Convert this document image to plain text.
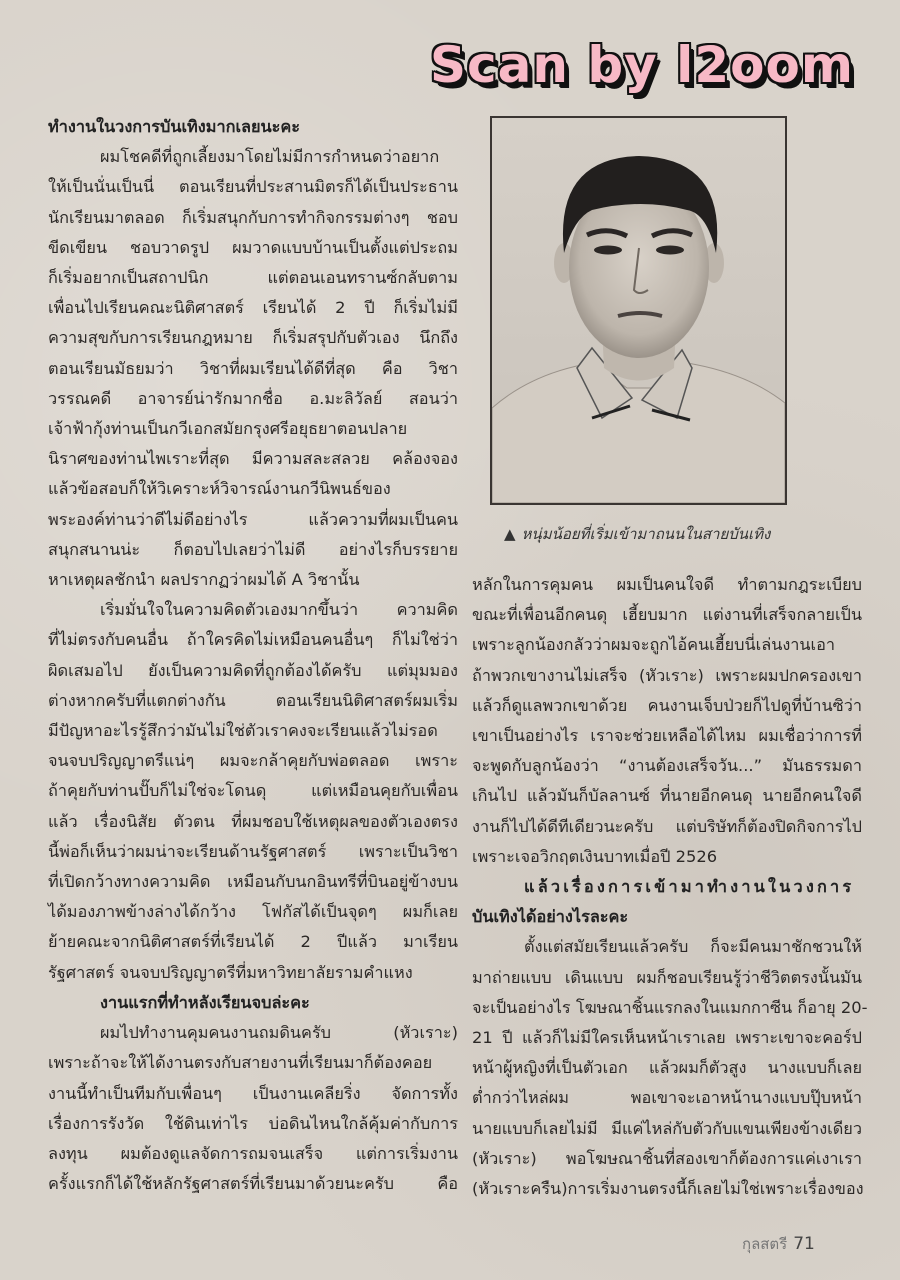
Scan by l2oom
ทำงานในวงการบันเทิงมากเลยนะคะ
ผมโชคดีที่ถูกเลี้ยงมาโดยไม่มีการกำหนดว่าอยาก
ให้เป็นนั่นเป็นนี่ ตอนเรียนที่ประสานมิตรก็ได้เป็นประธาน
นักเรียนมาตลอด ก็เริ่มสนุกกับการทำกิจกรรมต่างๆ ชอบ
ขีดเขียน ชอบวาดรูป ผมวาดแบบบ้านเป็นตั้งแต่ประถม
ก็เริ่มอยากเป็นสถาปนิก แต่ตอนเอนทรานซ์กลับตาม
เพื่อนไปเรียนคณะนิติศาสตร์ เรียนได้ 2 ปี ก็เริ่มไม่มี
ความสุขกับการเรียนกฎหมาย ก็เริ่มสรุปกับตัวเอง นึกถึง
ตอนเรียนมัธยมว่า วิชาที่ผมเรียนได้ดีที่สุด คือ วิชา
วรรณคดี อาจารย์น่ารักมากชื่อ อ.มะลิวัลย์ สอนว่า
เจ้าฟ้ากุ้งท่านเป็นกวีเอกสมัยกรุงศรีอยุธยาตอนปลาย
นิราศของท่านไพเราะที่สุด มีความสละสลวย คล้องจอง
แล้วข้อสอบก็ให้วิเคราะห์วิจารณ์งานกวีนิพนธ์ของ
พระองค์ท่านว่าดีไม่ดีอย่างไร แล้วความที่ผมเป็นคน
สนุกสนานน่ะ ก็ตอบไปเลยว่าไม่ดี อย่างไรก็บรรยาย
หาเหตุผลชักนำ ผลปรากฏว่าผมได้ A วิชานั้น
เริ่มมั่นใจในความคิดตัวเองมากขึ้นว่า ความคิด
ที่ไม่ตรงกับคนอื่น ถ้าใครคิดไม่เหมือนคนอื่นๆ ก็ไม่ใช่ว่า
ผิดเสมอไป ยังเป็นความคิดที่ถูกต้องได้ครับ แต่มุมมอง
ต่างหากครับที่แตกต่างกัน ตอนเรียนนิติศาสตร์ผมเริ่ม
มีปัญหาอะไรรู้สึกว่ามันไม่ใช่ตัวเราคงจะเรียนแล้วไม่รอด
จนจบปริญญาตรีแน่ๆ ผมจะกล้าคุยกับพ่อตลอด เพราะ
ถ้าคุยกับท่านปั๊บก็ไม่ใช่จะโดนดุ แต่เหมือนคุยกับเพื่อน
แล้ว เรื่องนิสัย ตัวตน ที่ผมชอบใช้เหตุผลของตัวเองตรง
นี้พ่อก็เห็นว่าผมน่าจะเรียนด้านรัฐศาสตร์ เพราะเป็นวิชา
ที่เปิดกว้างทางความคิด เหมือนกับนกอินทรีที่บินอยู่ข้างบน
ได้มองภาพข้างล่างได้กว้าง โฟกัสได้เป็นจุดๆ ผมก็เลย
ย้ายคณะจากนิติศาสตร์ที่เรียนได้ 2 ปีแล้ว มาเรียน
รัฐศาสตร์ จนจบปริญญาตรีที่มหาวิทยาลัยรามคำแหง
งานแรกที่ทำหลังเรียนจบล่ะคะ
ผมไปทำงานคุมคนงานถมดินครับ (หัวเราะ)
เพราะถ้าจะให้ได้งานตรงกับสายงานที่เรียนมาก็ต้องคอย
งานนี้ทำเป็นทีมกับเพื่อนๆ เป็นงานเคลียริ่ง จัดการทั้ง
เรื่องการรังวัด ใช้ดินเท่าไร บ่อดินไหนใกล้คุ้มค่ากับการ
ลงทุน ผมต้องดูแลจัดการถมจนเสร็จ แต่การเริ่มงาน
ครั้งแรกก็ได้ใช้หลักรัฐศาสตร์ที่เรียนมาด้วยนะครับ คือ
▲ หนุ่มน้อยที่เริ่มเข้ามาถนนในสายบันเทิง
หลักในการคุมคน ผมเป็นคนใจดี ทำตามกฎระเบียบ
ขณะที่เพื่อนอีกคนดุ เฮี้ยบมาก แต่งานที่เสร็จกลายเป็น
เพราะลูกน้องกลัวว่าผมจะถูกไอ้คนเฮี้ยบนี่เล่นงานเอา
ถ้าพวกเขางานไม่เสร็จ (หัวเราะ) เพราะผมปกครองเขา
แล้วก็ดูแลพวกเขาด้วย คนงานเจ็บป่วยก็ไปดูที่บ้านซิว่า
เขาเป็นอย่างไร เราจะช่วยเหลือได้ไหม ผมเชื่อว่าการที่
จะพูดกับลูกน้องว่า “งานต้องเสร็จวัน...” มันธรรมดา
เกินไป แล้วมันก็บัลลานซ์ ที่นายอีกคนดุ นายอีกคนใจดี
งานก็ไปได้ดีทีเดียวนะครับ แต่บริษัทก็ต้องปิดกิจการไป
เพราะเจอวิกฤตเงินบาทเมื่อปี 2526
แล้วเรื่องการเข้ามาทำงานในวงการ
บันเทิงได้อย่างไรละคะ
ตั้งแต่สมัยเรียนแล้วครับ ก็จะมีคนมาชักชวนให้
มาถ่ายแบบ เดินแบบ ผมก็ชอบเรียนรู้ว่าชีวิตตรงนั้นมัน
จะเป็นอย่างไร โฆษณาชิ้นแรกลงในแมกกาซีน ก็อายุ 20-
21 ปี แล้วก็ไม่มีใครเห็นหน้าเราเลย เพราะเขาจะคอร์ป
หน้าผู้หญิงที่เป็นตัวเอก แล้วผมก็ตัวสูง นางแบบก็เลย
ต่ำกว่าไหล่ผม พอเขาจะเอาหน้านางแบบปุ๊บหน้า
นายแบบก็เลยไม่มี มีแค่ไหล่กับตัวกับแขนเพียงข้างเดียว
(หัวเราะ) พอโฆษณาชิ้นที่สองเขาก็ต้องการแค่เงาเรา
(หัวเราะครืน)การเริ่มงานตรงนี้ก็เลยไม่ใช่เพราะเรื่องของ
กุลสตรี 71
